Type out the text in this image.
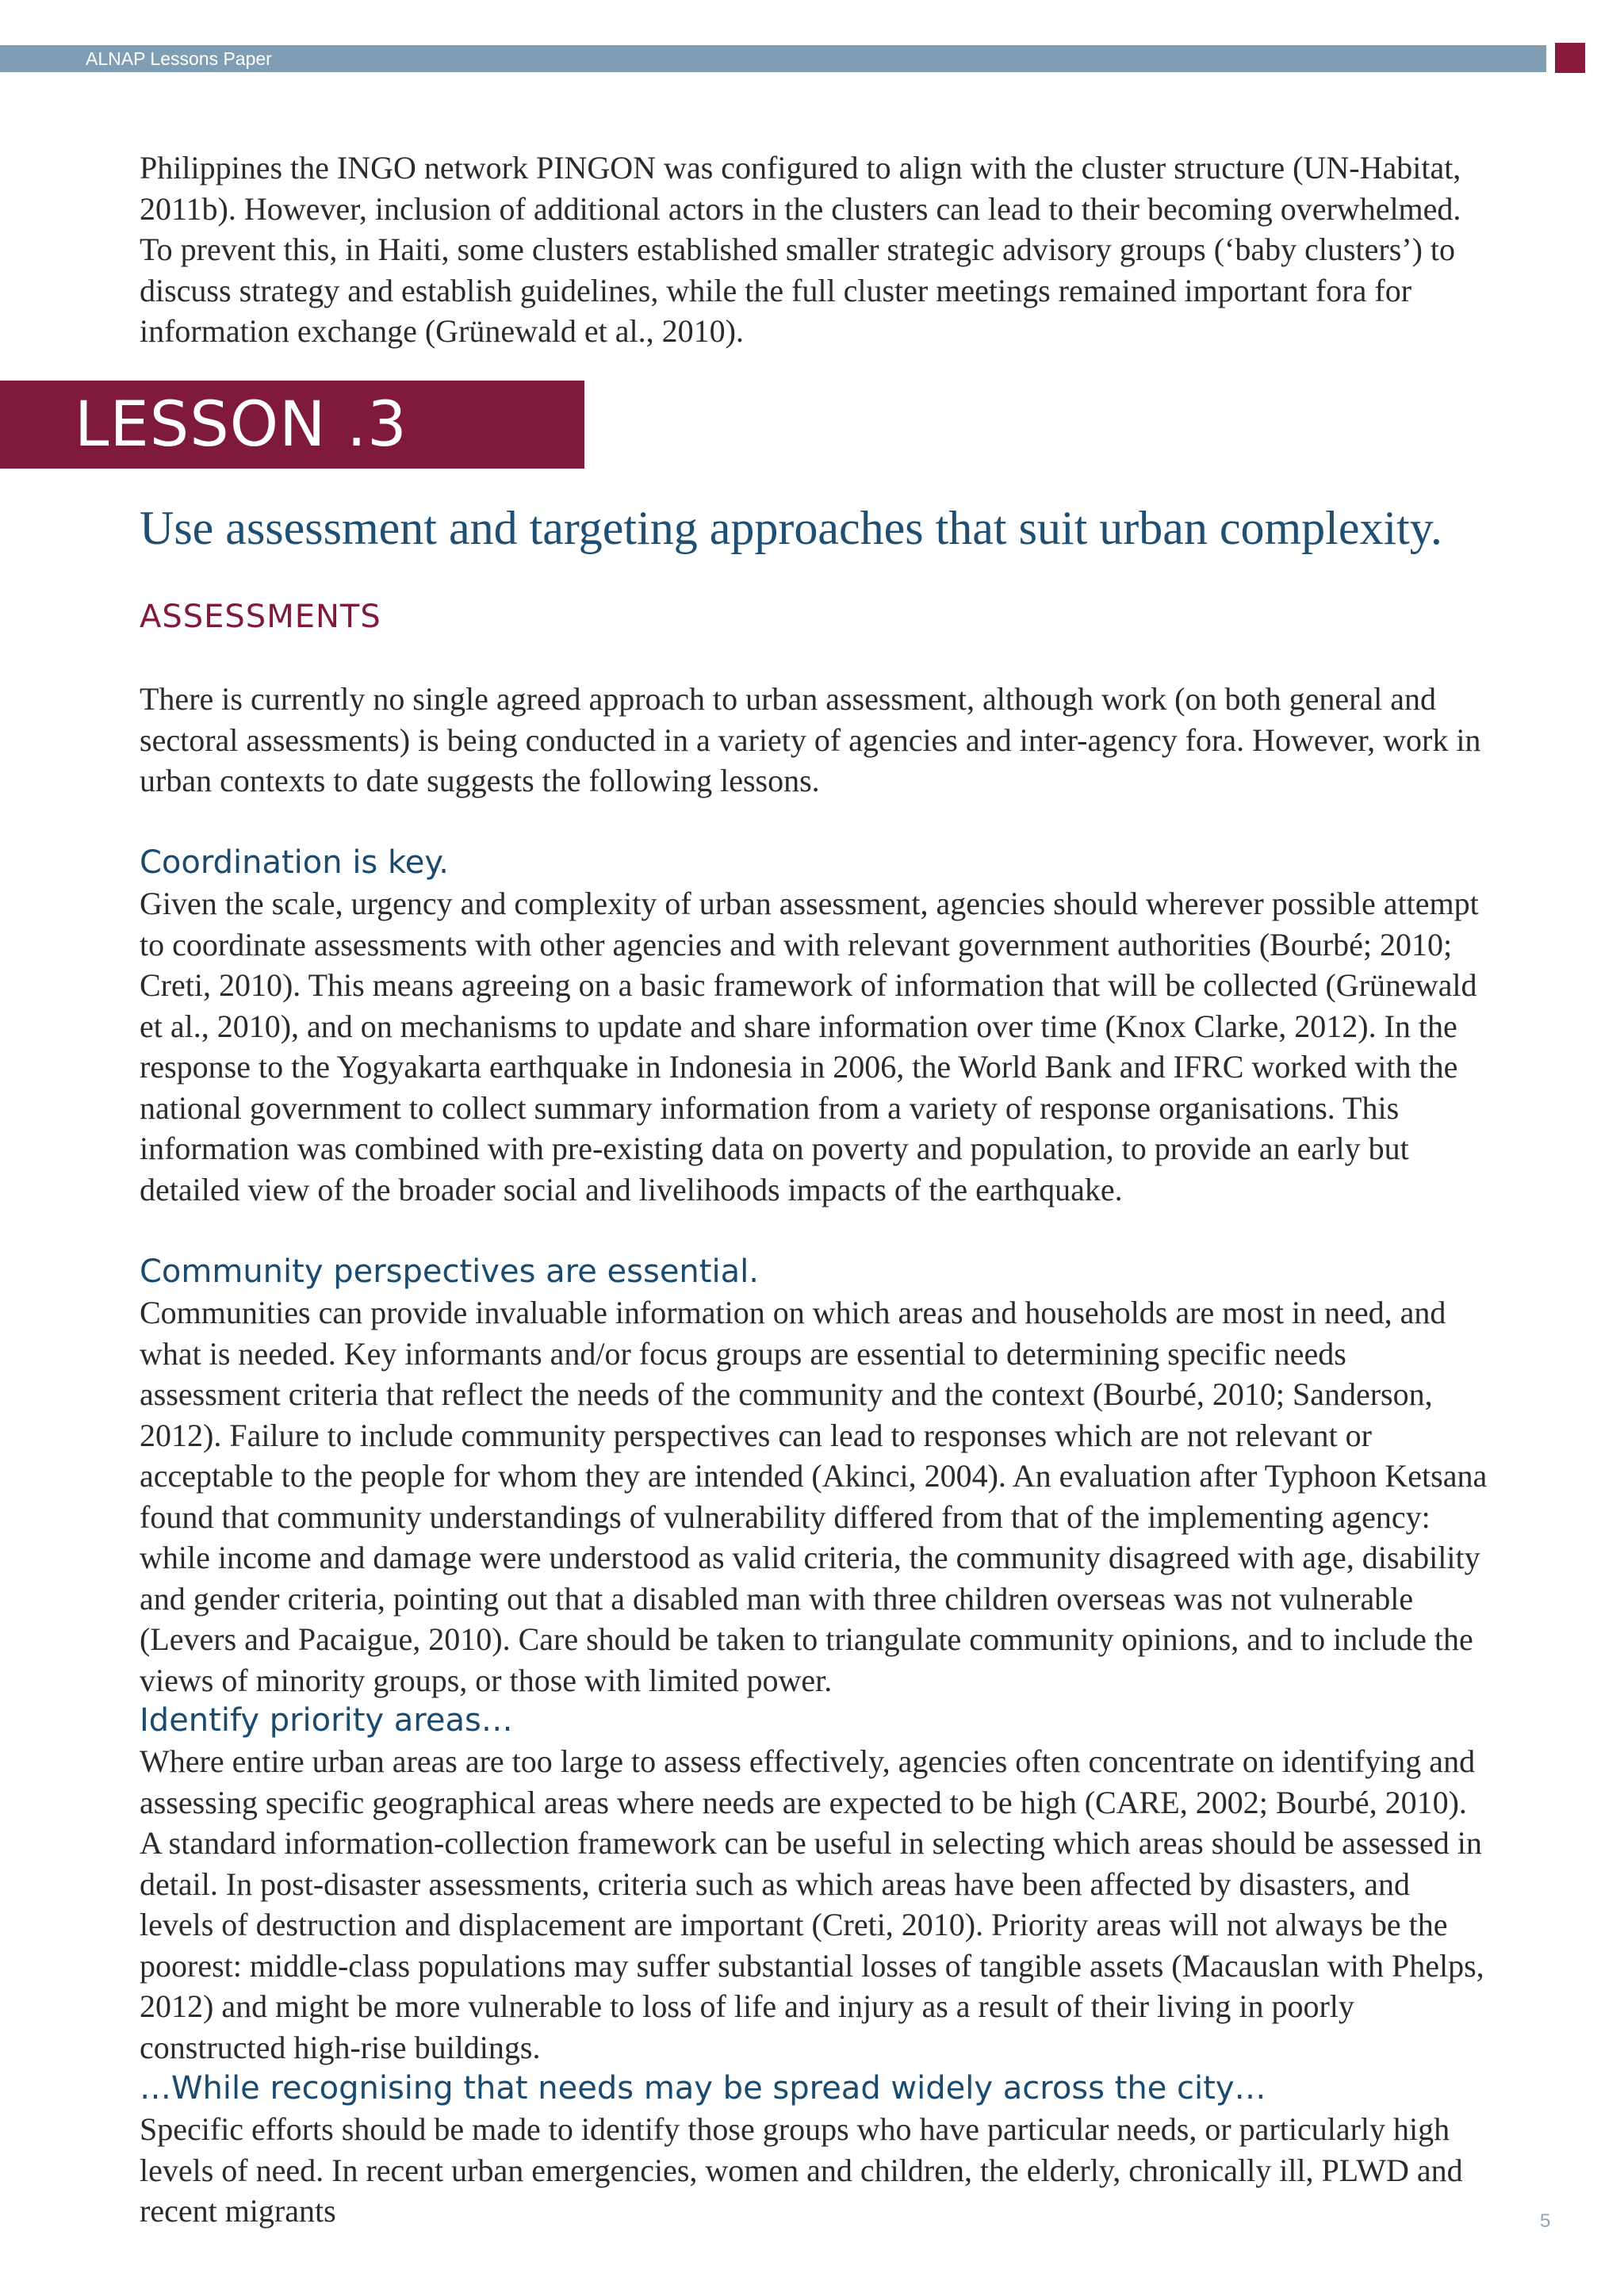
ALNAP Lessons Paper

Philippines the INGO network PINGON was configured to align with the cluster structure (UN-Habitat, 2011b). However, inclusion of additional actors in the clusters can lead to their becoming overwhelmed. To prevent this, in Haiti, some clusters established smaller strategic advisory groups (‘baby clusters’) to discuss strategy and establish guidelines, while the full cluster meetings remained important fora for information exchange (Grünewald et al., 2010).

LESSON .3
Use assessment and targeting approaches that suit urban complexity.
ASSESSMENTS

There is currently no single agreed approach to urban assessment, although work (on both general and sectoral assessments) is being conducted in a variety of agencies and inter-agency fora. However, work in urban contexts to date suggests the following lessons.

Coordination is key.

Given the scale, urgency and complexity of urban assessment, agencies should wherever possible attempt to coordinate assessments with other agencies and with relevant government authorities (Bourbé; 2010; Creti, 2010). This means agreeing on a basic framework of information that will be collected (Grünewald et al., 2010), and on mechanisms to update and share information over time (Knox Clarke, 2012). In the response to the Yogyakarta earthquake in Indonesia in 2006, the World Bank and IFRC worked with the national government to collect summary information from a variety of response organisations. This information was combined with pre-existing data on poverty and population, to provide an early but detailed view of the broader social and livelihoods impacts of the earthquake.

Community perspectives are essential.

Communities can provide invaluable information on which areas and households are most in need, and what is needed. Key informants and/or focus groups are essential to determining specific needs assessment criteria that reflect the needs of the community and the context (Bourbé, 2010; Sanderson, 2012). Failure to include community perspectives can lead to responses which are not relevant or acceptable to the people for whom they are intended (Akinci, 2004). An evaluation after Typhoon Ketsana found that community understandings of vulnerability differed from that of the implementing agency: while income and damage were understood as valid criteria, the community disagreed with age, disability and gender criteria, pointing out that a disabled man with three children overseas was not vulnerable (Levers and Pacaigue, 2010). Care should be taken to triangulate community opinions, and to include the views of minority groups, or those with limited power.

Identify priority areas…

Where entire urban areas are too large to assess effectively, agencies often concentrate on identifying and assessing specific geographical areas where needs are expected to be high (CARE, 2002; Bourbé, 2010). A standard information-collection framework can be useful in selecting which areas should be assessed in detail. In post-disaster assessments, criteria such as which areas have been affected by disasters, and levels of destruction and displacement are important (Creti, 2010). Priority areas will not always be the poorest: middle-class populations may suffer substantial losses of tangible assets (Macauslan with Phelps, 2012) and might be more vulnerable to loss of life and injury as a result of their living in poorly constructed high-rise buildings.

…While recognising that needs may be spread widely across the city…

Specific efforts should be made to identify those groups who have particular needs, or particularly high levels of need. In recent urban emergencies, women and children, the elderly, chronically ill, PLWD and recent migrants	5
